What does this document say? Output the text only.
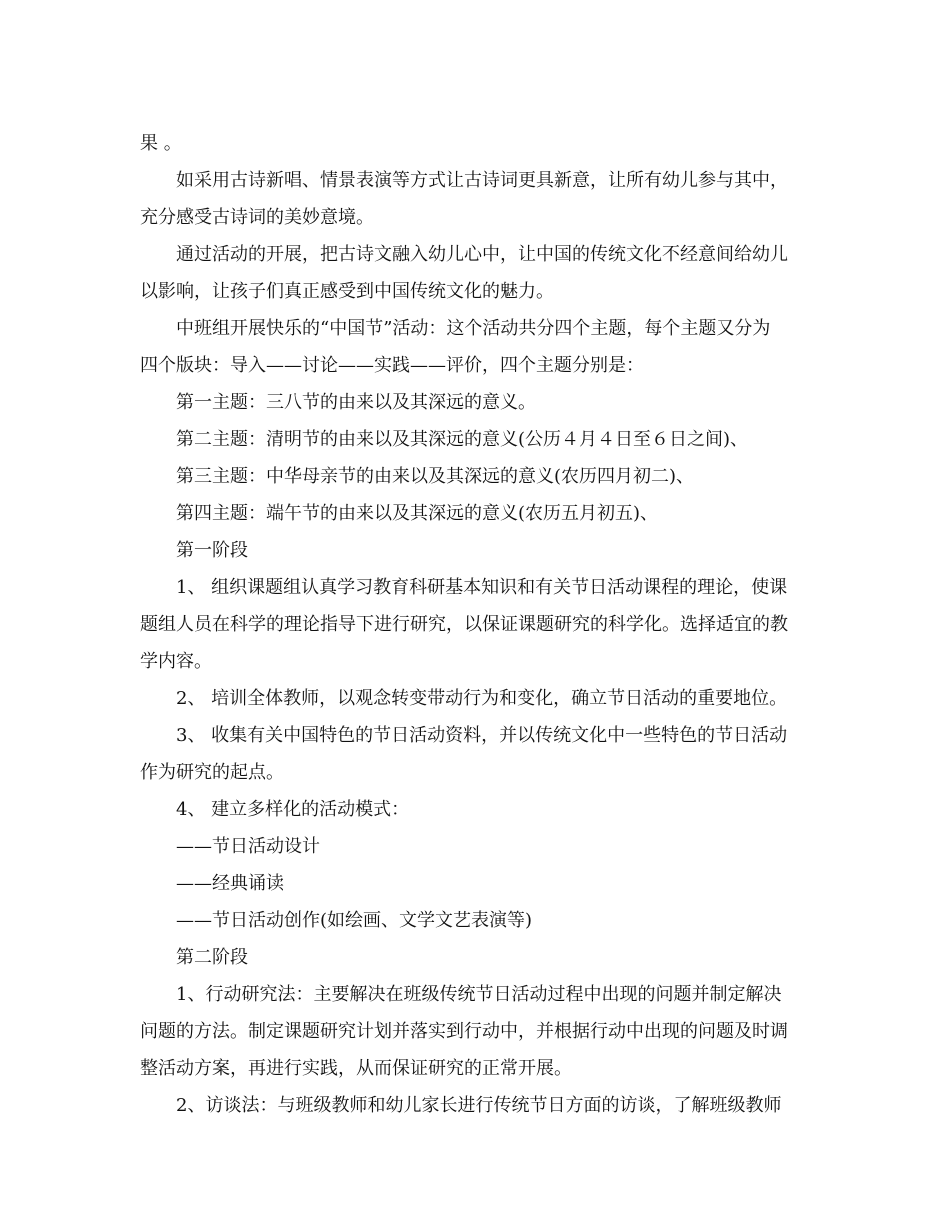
果 。
如采用古诗新唱、情景表演等方式让古诗词更具新意，让所有幼儿参与其中，
充分感受古诗词的美妙意境。
通过活动的开展，把古诗文融入幼儿心中，让中国的传统文化不经意间给幼儿
以影响，让孩子们真正感受到中国传统文化的魅力。
中班组开展快乐的“中国节”活动：这个活动共分四个主题，每个主题又分为
四个版块：导入——讨论——实践——评价，四个主题分别是：
第一主题：三八节的由来以及其深远的意义。
第二主题：清明节的由来以及其深远的意义(公历４月４日至６日之间)、
第三主题：中华母亲节的由来以及其深远的意义(农历四月初二)、
第四主题：端午节的由来以及其深远的意义(农历五月初五)、
第一阶段
1、 组织课题组认真学习教育科研基本知识和有关节日活动课程的理论，使课
题组人员在科学的理论指导下进行研究，以保证课题研究的科学化。选择适宜的教
学内容。
2、 培训全体教师，以观念转变带动行为和变化，确立节日活动的重要地位。
3、 收集有关中国特色的节日活动资料，并以传统文化中一些特色的节日活动
作为研究的起点。
4、 建立多样化的活动模式：
——节日活动设计
——经典诵读
——节日活动创作(如绘画、文学文艺表演等)
第二阶段
1、行动研究法：主要解决在班级传统节日活动过程中出现的问题并制定解决
问题的方法。制定课题研究计划并落实到行动中，并根据行动中出现的问题及时调
整活动方案，再进行实践，从而保证研究的正常开展。
2、访谈法：与班级教师和幼儿家长进行传统节日方面的访谈，了解班级教师
